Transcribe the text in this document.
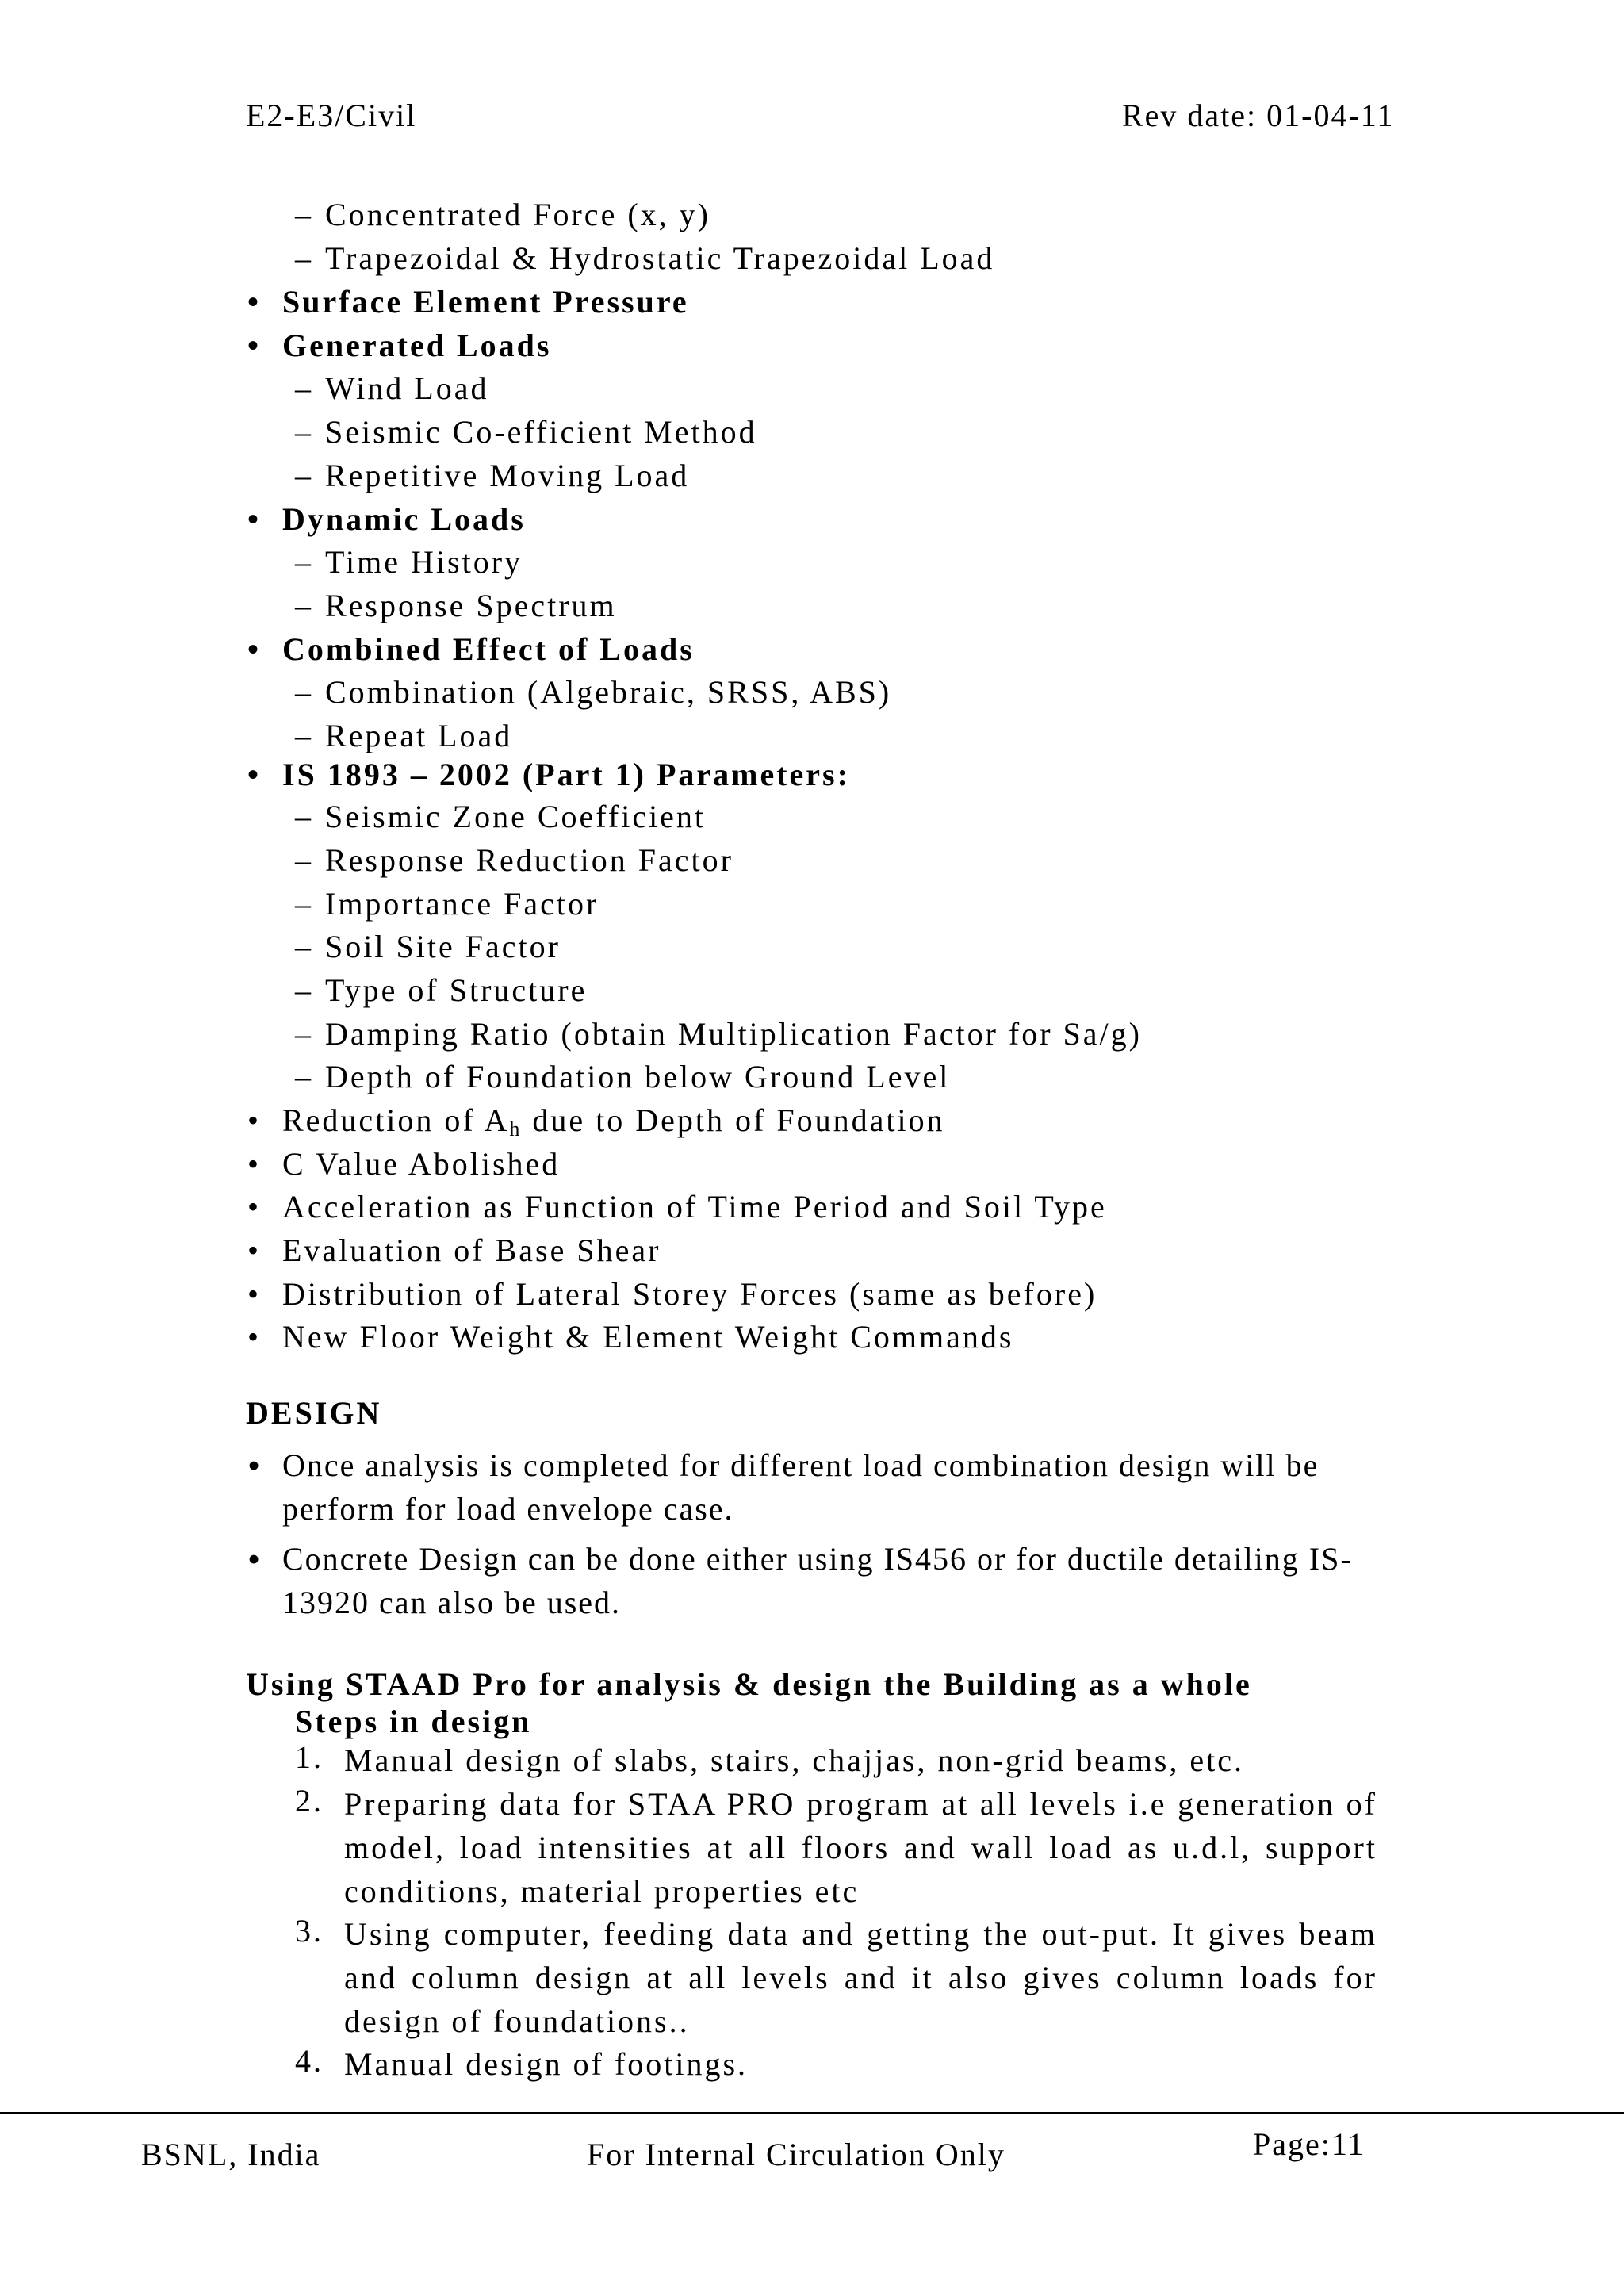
E2-E3/Civil	Rev date: 01-04-11
– Concentrated Force (x, y)
– Trapezoidal & Hydrostatic Trapezoidal Load
• Surface Element Pressure
• Generated Loads
– Wind Load
– Seismic Co-efficient Method
– Repetitive Moving Load
• Dynamic Loads
– Time History
– Response Spectrum
• Combined Effect of Loads
– Combination (Algebraic, SRSS, ABS)
– Repeat Load
• IS 1893 – 2002 (Part 1) Parameters:
– Seismic Zone Coefficient
– Response Reduction Factor
– Importance Factor
– Soil Site Factor
– Type of Structure
– Damping Ratio (obtain Multiplication Factor for Sa/g)
– Depth of Foundation below Ground Level
• Reduction of $A_h$ due to Depth of Foundation
• C Value Abolished
• Acceleration as Function of Time Period and Soil Type
• Evaluation of Base Shear
• Distribution of Lateral Storey Forces (same as before)
• New Floor Weight & Element Weight Commands
DESIGN
• Once analysis is completed for different load combination design will be perform for load envelope case.
• Concrete Design can be done either using IS456 or for ductile detailing IS-13920 can also be used.
Using STAAD Pro for analysis & design the Building as a whole
Steps in design
1. Manual design of slabs, stairs, chajjas, non-grid beams, etc.
2. Preparing data for STAA PRO program at all levels i.e generation of model, load intensities at all floors and wall load as u.d.l, support conditions, material properties etc
3. Using computer, feeding data and getting the out-put. It gives beam and column design at all levels and it also gives column loads for design of foundations..
4. Manual design of footings.
BSNL, India	For Internal Circulation Only	Page:11
